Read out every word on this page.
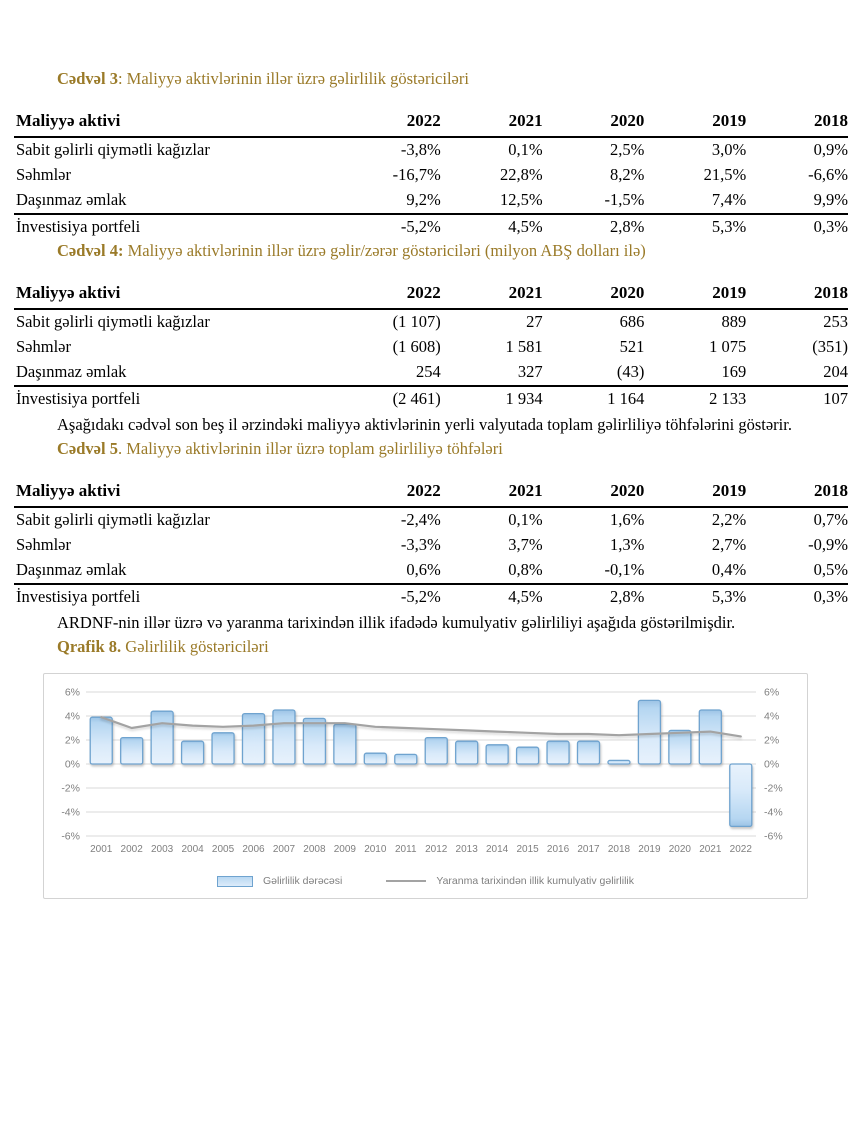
Cədvəl 3: Maliyyə aktivlərinin illər üzrə gəlirlilik göstəriciləri
Maliyyə aktivi	2022	2021	2020	2019	2018
Sabit gəlirli qiymətli kağızlar	-3,8%	0,1%	2,5%	3,0%	0,9%
Səhmlər	-16,7%	22,8%	8,2%	21,5%	-6,6%
Daşınmaz əmlak	9,2%	12,5%	-1,5%	7,4%	9,9%
İnvestisiya portfeli	-5,2%	4,5%	2,8%	5,3%	0,3%
Cədvəl 4: Maliyyə aktivlərinin illər üzrə gəlir/zərər göstəriciləri (milyon ABŞ dolları ilə)
Maliyyə aktivi	2022	2021	2020	2019	2018
Sabit gəlirli qiymətli kağızlar	(1 107)	27	686	889	253
Səhmlər	(1 608)	1 581	521	1 075	(351)
Daşınmaz əmlak	254	327	(43)	169	204
İnvestisiya portfeli	(2 461)	1 934	1 164	2 133	107

Aşağıdakı cədvəl son beş il ərzindəki maliyyə aktivlərinin yerli valyutada toplam gəlirliliyə töhfələrini göstərir.

Cədvəl 5. Maliyyə aktivlərinin illər üzrə toplam gəlirliliyə töhfələri
Maliyyə aktivi	2022	2021	2020	2019	2018
Sabit gəlirli qiymətli kağızlar	-2,4%	0,1%	1,6%	2,2%	0,7%
Səhmlər	-3,3%	3,7%	1,3%	2,7%	-0,9%
Daşınmaz əmlak	0,6%	0,8%	-0,1%	0,4%	0,5%
İnvestisiya portfeli	-5,2%	4,5%	2,8%	5,3%	0,3%

ARDNF-nin illər üzrə və yaranma tarixindən illik ifadədə kumulyativ gəlirliliyi aşağıda göstərilmişdir.

Qrafik 8. Gəlirlilik göstəriciləri
6%	6%
4%	4%
2%	2%
0%	0%
-2%	-2%
-4%	-4%
-6%	-6%
2001 2002 2003 2004 2005 2006 2007 2008 2009 2010 2011 2012 2013 2014 2015 2016 2017 2018 2019 2020 2021 2022
Gəlirlilik dərəcəsi	Yaranma tarixindən illik kumulyativ gəlirlilik
